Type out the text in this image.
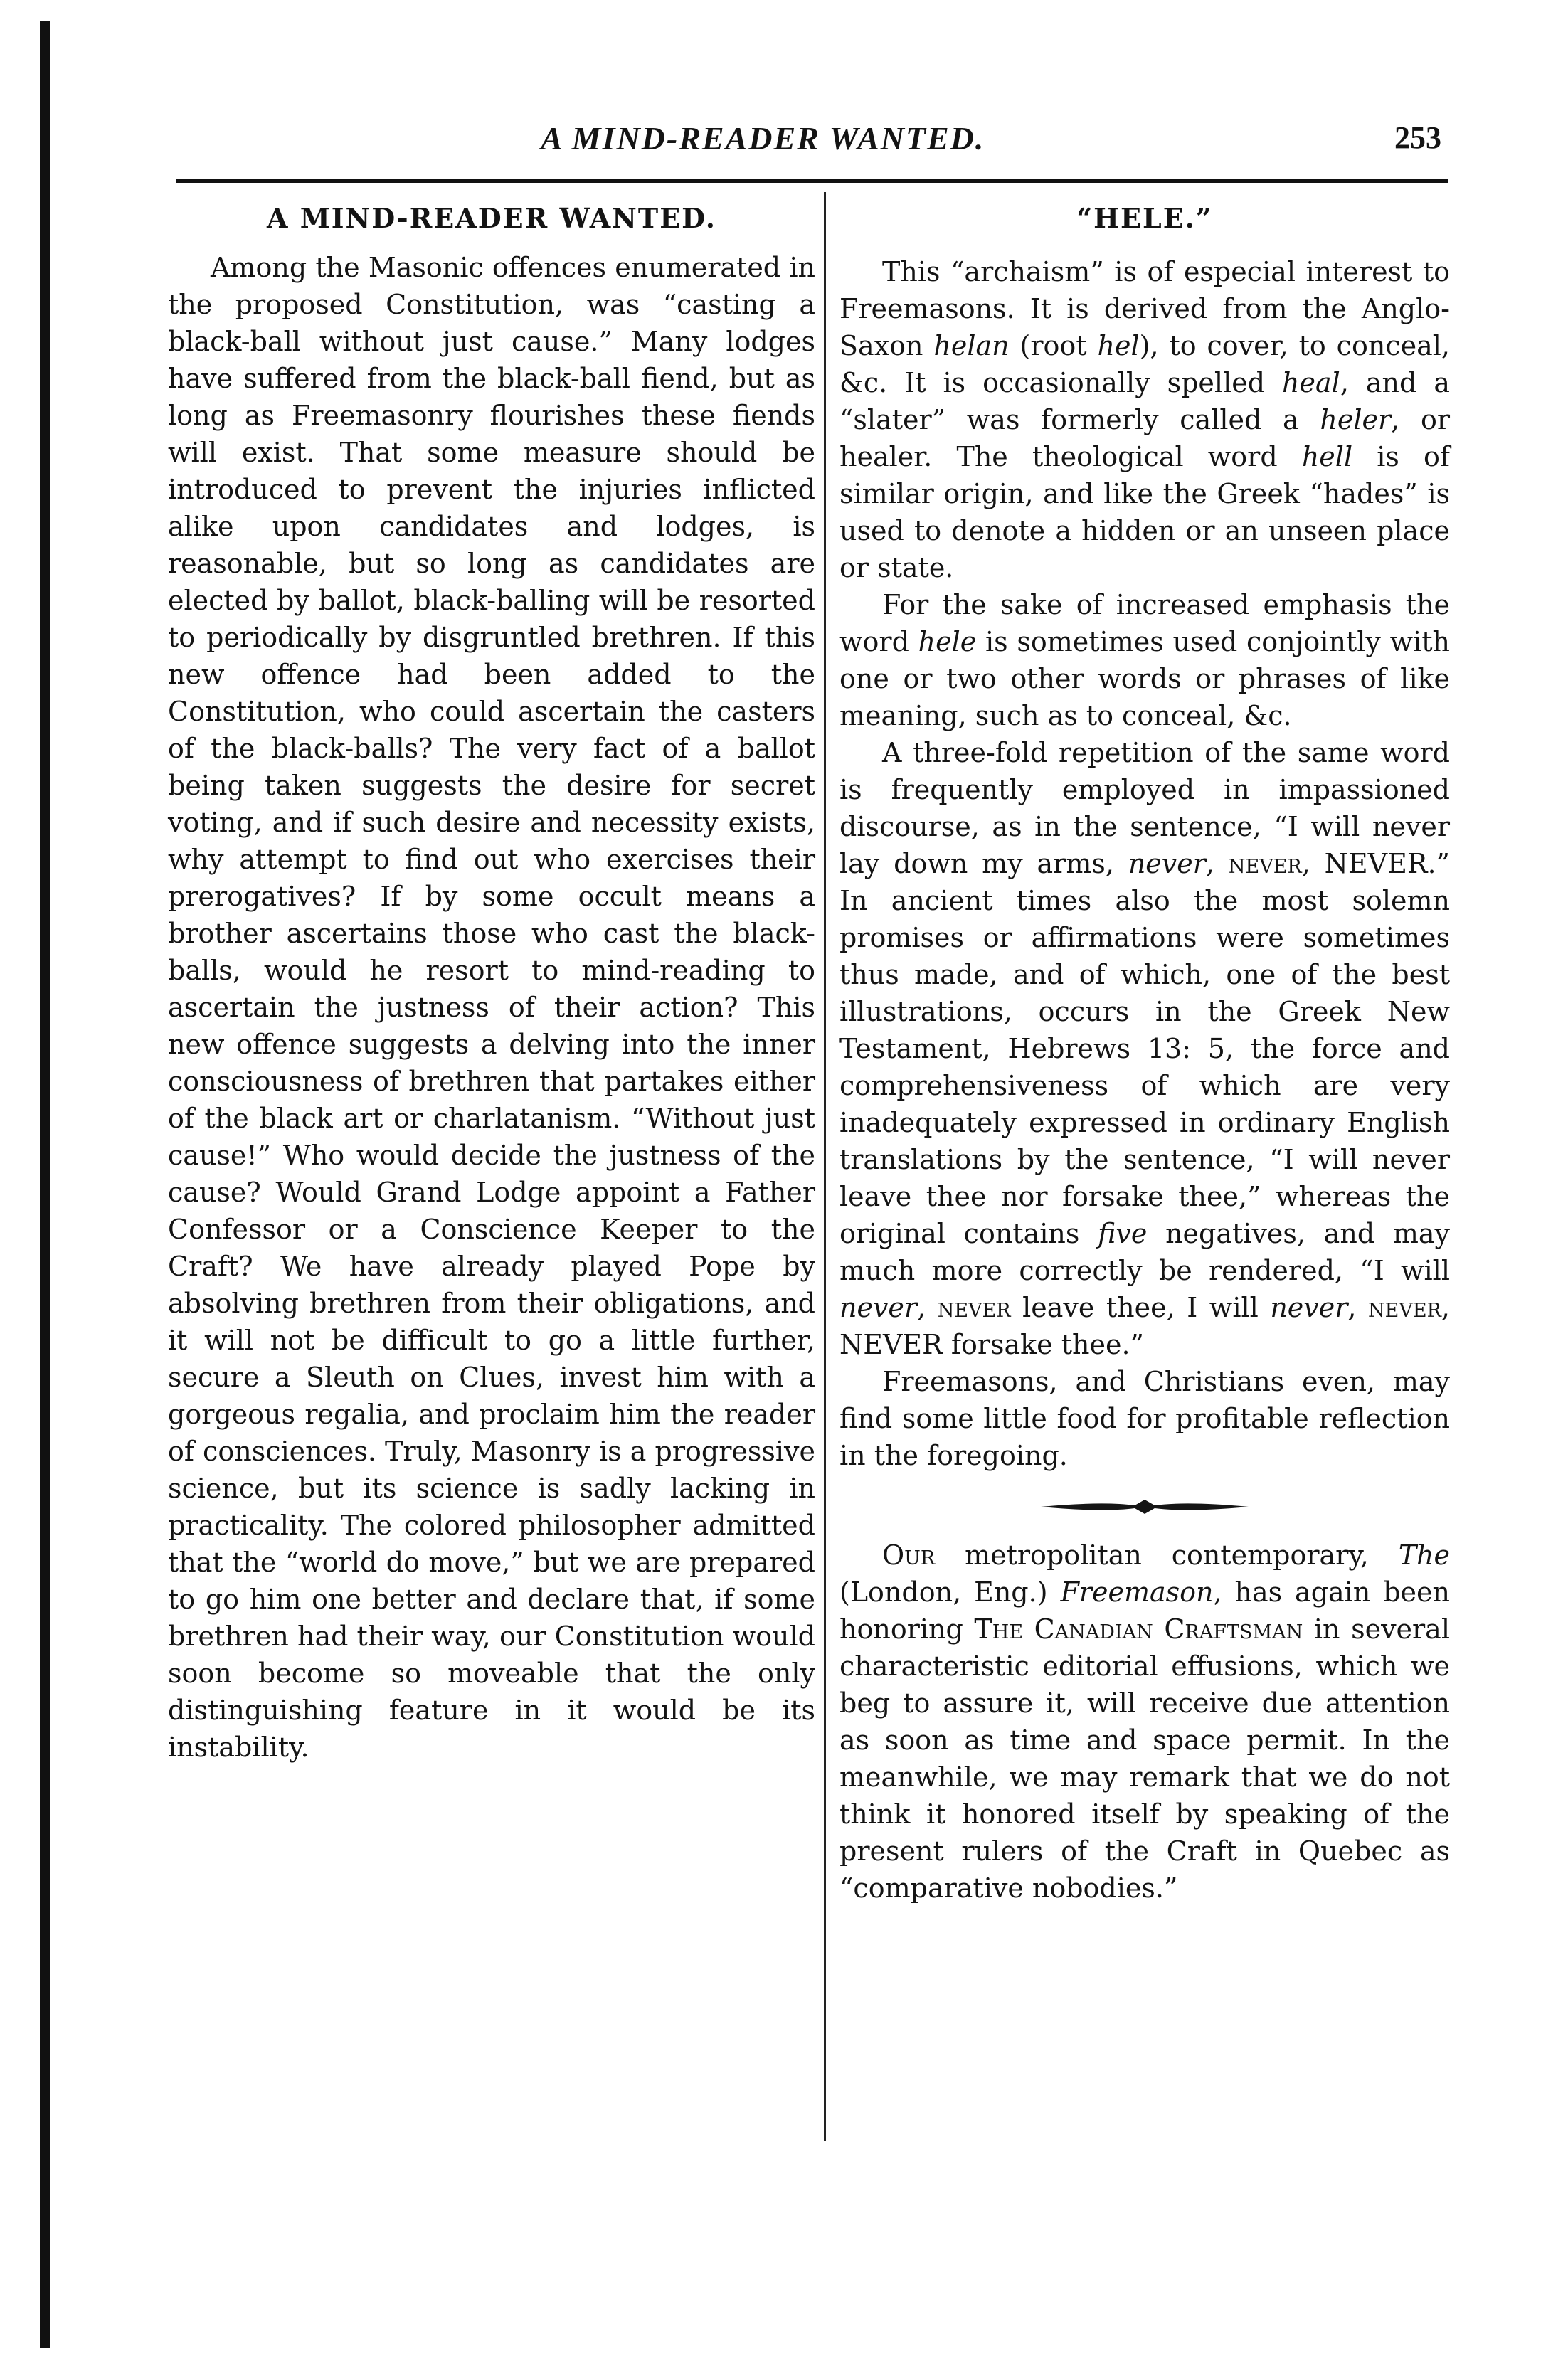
A MIND-READER WANTED.	253
A MIND-READER WANTED.

Among the Masonic offences enumerated in the proposed Constitution, was “casting a black-ball without just cause.” Many lodges have suffered from the black-ball fiend, but as long as Freemasonry flourishes these fiends will exist. That some measure should be introduced to prevent the injuries inflicted alike upon candidates and lodges, is reasonable, but so long as candidates are elected by ballot, black-balling will be resorted to periodically by disgruntled brethren. If this new offence had been added to the Constitution, who could ascertain the casters of the black-balls? The very fact of a ballot being taken suggests the desire for secret voting, and if such desire and necessity exists, why attempt to find out who exercises their prerogatives? If by some occult means a brother ascertains those who cast the black-balls, would he resort to mind-reading to ascertain the justness of their action? This new offence suggests a delving into the inner consciousness of brethren that partakes either of the black art or charlatanism. “Without just cause!” Who would decide the justness of the cause? Would Grand Lodge appoint a Father Confessor or a Conscience Keeper to the Craft? We have already played Pope by absolving brethren from their obligations, and it will not be difficult to go a little further, secure a Sleuth on Clues, invest him with a gorgeous regalia, and proclaim him the reader of consciences. Truly, Masonry is a progressive science, but its science is sadly lacking in practicality. The colored philosopher admitted that the “world do move,” but we are prepared to go him one better and declare that, if some brethren had their way, our Constitution would soon become so moveable that the only distinguishing feature in it would be its instability.

“HELE.”

This “archaism” is of especial interest to Freemasons. It is derived from the Anglo-Saxon helan (root hel), to cover, to conceal, &c. It is occasionally spelled heal, and a “slater” was formerly called a heler, or healer. The theological word hell is of similar origin, and like the Greek “hades” is used to denote a hidden or an unseen place or state.

For the sake of increased emphasis the word hele is sometimes used conjointly with one or two other words or phrases of like meaning, such as to conceal, &c.

A three-fold repetition of the same word is frequently employed in impassioned discourse, as in the sentence, “I will never lay down my arms, never, never, NEVER.” In ancient times also the most solemn promises or affirmations were sometimes thus made, and of which, one of the best illustrations, occurs in the Greek New Testament, Hebrews 13: 5, the force and comprehensiveness of which are very inadequately expressed in ordinary English translations by the sentence, “I will never leave thee nor forsake thee,” whereas the original contains five negatives, and may much more correctly be rendered, “I will never, never leave thee, I will never, never, NEVER forsake thee.”

Freemasons, and Christians even, may find some little food for profitable reflection in the foregoing.

Our metropolitan contemporary, The (London, Eng.) Freemason, has again been honoring The Canadian Craftsman in several characteristic editorial effusions, which we beg to assure it, will receive due attention as soon as time and space permit. In the meanwhile, we may remark that we do not think it honored itself by speaking of the present rulers of the Craft in Quebec as “comparative nobodies.”
